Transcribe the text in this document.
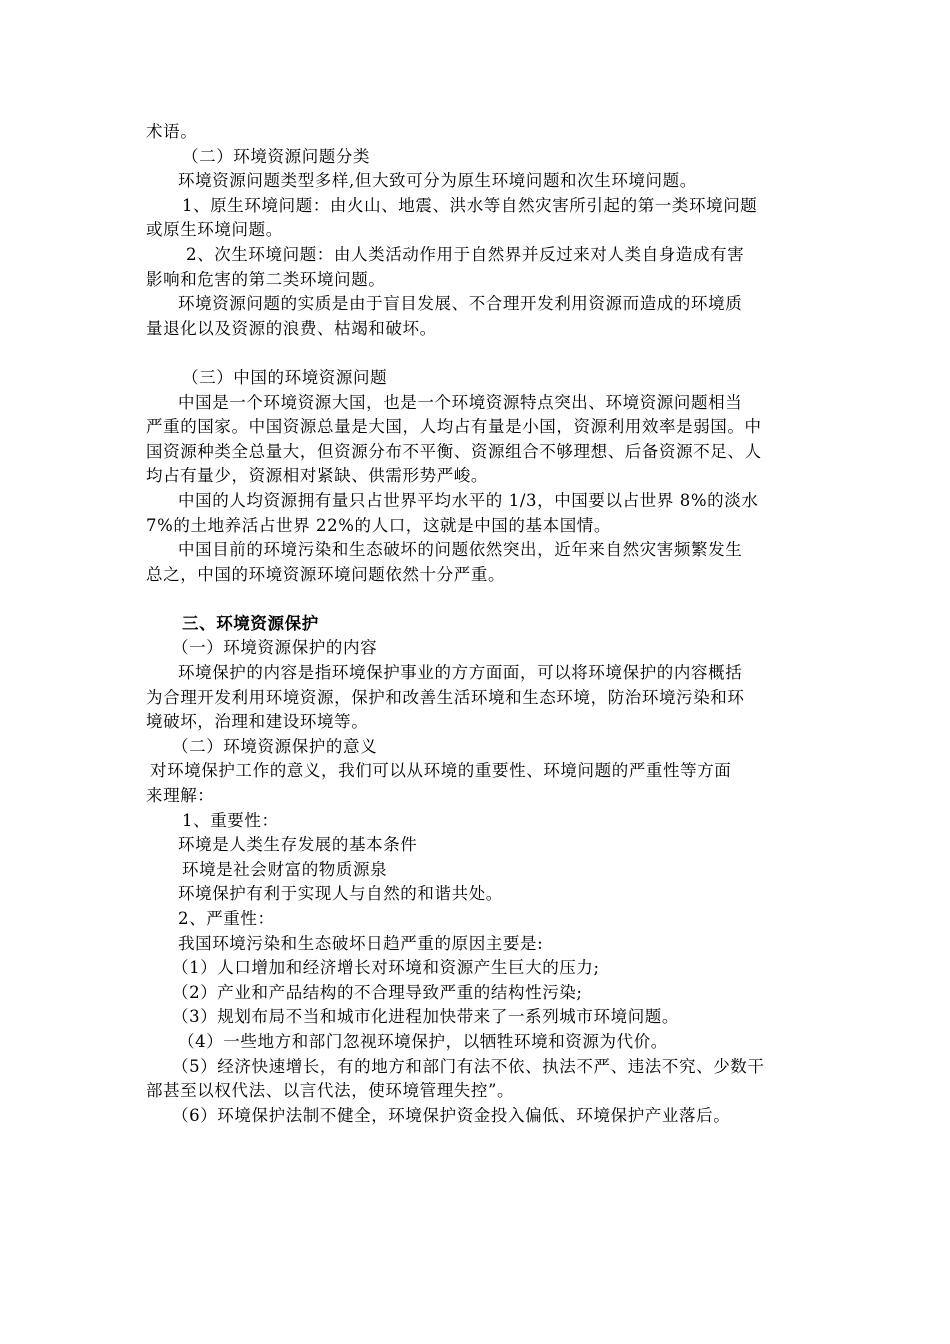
术语。
（二）环境资源问题分类
环境资源问题类型多样,但大致可分为原生环境问题和次生环境问题。
1、原生环境问题：由火山、地震、洪水等自然灾害所引起的第一类环境问题
或原生环境问题。
2、次生环境问题：由人类活动作用于自然界并反过来对人类自身造成有害
影响和危害的第二类环境问题。
环境资源问题的实质是由于盲目发展、不合理开发利用资源而造成的环境质
量退化以及资源的浪费、枯竭和破坏。
（三）中国的环境资源问题
中国是一个环境资源大国，也是一个环境资源特点突出、环境资源问题相当
严重的国家。中国资源总量是大国，人均占有量是小国，资源利用效率是弱国。中
国资源种类全总量大，但资源分布不平衡、资源组合不够理想、后备资源不足、人
均占有量少，资源相对紧缺、供需形势严峻。
中国的人均资源拥有量只占世界平均水平的 1/3，中国要以占世界 8%的淡水
7%的土地养活占世界 22%的人口，这就是中国的基本国情。
中国目前的环境污染和生态破坏的问题依然突出，近年来自然灾害频繁发生
总之，中国的环境资源环境问题依然十分严重。
三、环境资源保护
（一）环境资源保护的内容
环境保护的内容是指环境保护事业的方方面面，可以将环境保护的内容概括
为合理开发利用环境资源，保护和改善生活环境和生态环境，防治环境污染和环
境破坏，治理和建设环境等。
（二）环境资源保护的意义
对环境保护工作的意义，我们可以从环境的重要性、环境问题的严重性等方面
来理解：
1、重要性：
环境是人类生存发展的基本条件
环境是社会财富的物质源泉
环境保护有利于实现人与自然的和谐共处。
2、严重性：
我国环境污染和生态破坏日趋严重的原因主要是:
（1）人口增加和经济增长对环境和资源产生巨大的压力;
（2）产业和产品结构的不合理导致严重的结构性污染;
（3）规划布局不当和城市化进程加快带来了一系列城市环境问题。
（4）一些地方和部门忽视环境保护，以牺牲环境和资源为代价。
（5）经济快速增长，有的地方和部门有法不依、执法不严、违法不究、少数干
部甚至以权代法、以言代法，使环境管理失控”。
（6）环境保护法制不健全，环境保护资金投入偏低、环境保护产业落后。
